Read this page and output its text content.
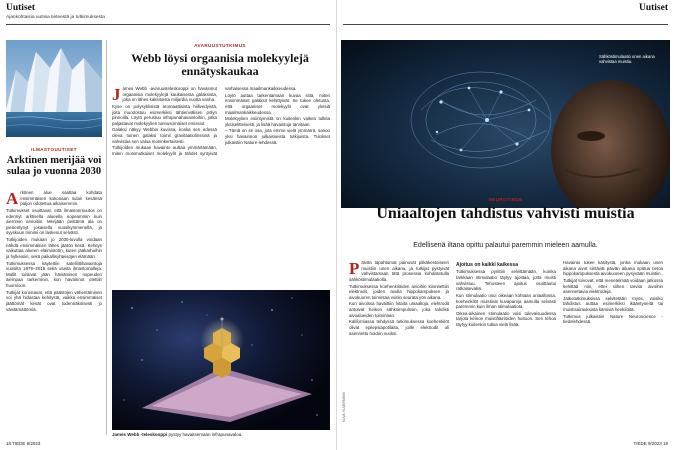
Uutiset
Ajankohtaisia uutisia tieteestä ja tutkimuksesta
ILMASTOUUTISET
Arktinen merijää voi sulaa jo vuonna 2030

Arktinen alue saattaa kohdata ensimmäisen kokonaan sulan kesänsä paljon odotettua aikaisemmin.

Tutkimukset osoittavat, että ilmastonmuutos on edennyt arktisella alueella nopeammin kuin aiemmin arvioitiin. Merijään peittämä ala on pienentynyt jokaisella vuosikymmenellä, ja syyskuun minimi on laskenut selvästi.

Tutkijoiden mukaan jo 2030-luvulla voidaan nähdä ensimmäinen lähes jäätön kesä. Kehitys vaikuttaa alueen eläimistöön, kuten jääkarhuihin ja hylkeisiin, sekä paikallisyhteisöjen elämään.

Tutkimuksessa käytettiin satelliittihavaintoja vuosilta 1979–2019 sekä useita ilmastomalleja. Mallit toistivat jään häviämisen nopeuden aiempaa tarkemmin, kun havainnot otettiin huomioon.

Tutkijat korostavat, että päästöjen vähentäminen voi yhä hidastaa kehitystä, vaikka ensimmäiset jäättömät kesät ovat todennäköisesti jo väistämättömiä.

AVARUUSTUTKIMUS
Webb löysi orgaanisia molekyylejä ennätyskaukaa

James Webb -avaruusteleskooppi on havainnut orgaanisia molekyylejä kaukaisesta galaksista, joka on lähes kaksitoista miljardia vuotta vanha.

Kyse on polysyklisistä aromaattisista hiilivedyistä, joita muodostuu esimerkiksi tähtienvälisen pölyn pinnoilla. Löytö perustuu infrapunahavaintoihin, jotka paljastavat molekyylien tunnusomaiset emissiot.

Galaksi näkyy Webbin kuvissa, koska sen edessä oleva toinen galaksi toimii gravitaatiolinssinä ja vahvistaa sen valoa moninkertaisesti.

Tutkijoiden mukaan havainto auttaa ymmärtämään, miten monimutkaiset molekyylit ja tähdet syntyivät varhaisessa maailmankaikkeudessa.

Löytö auttaa tarkentamaan kuvaa siitä, miten ensimmäiset galaksit kehittyivät. Se tukee oletusta, että orgaaniset molekyylit ovat yleisiä maailmankaikkeudessa.

Molekyylien esiintymistä on kuitenkin vaikea tulkita yksiselitteisesti, ja lisää havaintoja tarvitaan.

– Tämä on se osa, jota emme vielä ymmärrä, sanoo yksi havainnon julkaisseista tutkijoista. Tulokset julkaistiin Nature-lehdessä.

James Webb -teleskooppi pystyy havaitsemaan infrapunavaloa.
18 TIEDE 9/2023
Uutiset
Sähköstimulaatio unen aikana vahvistaa muistia.
NEUROTIEDE
Uniaaltojen tahdistus vahvisti muistia
Edellisenä iltana opittu palautui paremmin mieleen aamulla.
KUVA: KUVAPANKKI

Päivän tapahtumat painuvat pitkäkestoiseen muistiin unen aikana, ja tutkijat pystyivät vahvistamaan tätä prosessia kohdistetulla sähköstimulaatiolla.

Tutkimuksessa koehenkilöiden aivoihin kiinnitettiin elektrodit, joiden avulla hippokampuksen ja aivokuoren toimintaa voitiin seurata yön aikana.

Kun aivoissa havaittiin hitaita uniaaltoja, elektrodit antoivat heikon sähköimpulssin, joka tahdisti aivoalueiden toiminnan.

Kaliforniassa tehdyssä tutkimuksessa koehenkilöt olivat epilepsiapotilaita, joille elektrodit oli asennettu hoidon vuoksi.

Ajoitus on kaikki kaikessa

Tutkimuksessa pyrittiin selvittämään, kuinka tarkkaan stimulaatio täytyy ajoittaa, jotta muisti vahvistuu. Tehosteen ajoitus osoittautui ratkaisevaksi.

Kun stimulaatio osui oikeaan kohtaan uniaallossa, koehenkilöt muistivat kuvapareja aamulla selvästi paremmin kuin ilman stimulaatiota.

Oikea-aikainen stimulaatio voisi tulevaisuudessa tarjota keinon muistihäiriöiden hoitoon. Sen tehoa täytyy kuitenkin tutkia vielä lisää.

Havainto tukee käsitystä, jonka mukaan unen aikana aivot siirtävät päivän aikana opittua tietoa hippokampuksesta aivokuoreen pysyvään muistiin.

Tutkijat toivovat, että menetelmää voidaan jatkossa kehittää niin, ettei siihen tarvita aivoihin asennettavia elektrodeja.

Jatkotutkimuksissa selvitetään myös, voisiko tahdistus auttaa esimerkiksi ikääntyneitä tai muistisairauksista kärsiviä henkilöitä.

Tutkimus julkaistiin Nature Neuroscience -tiedelehdessä.

TIEDE 9/2023 19
